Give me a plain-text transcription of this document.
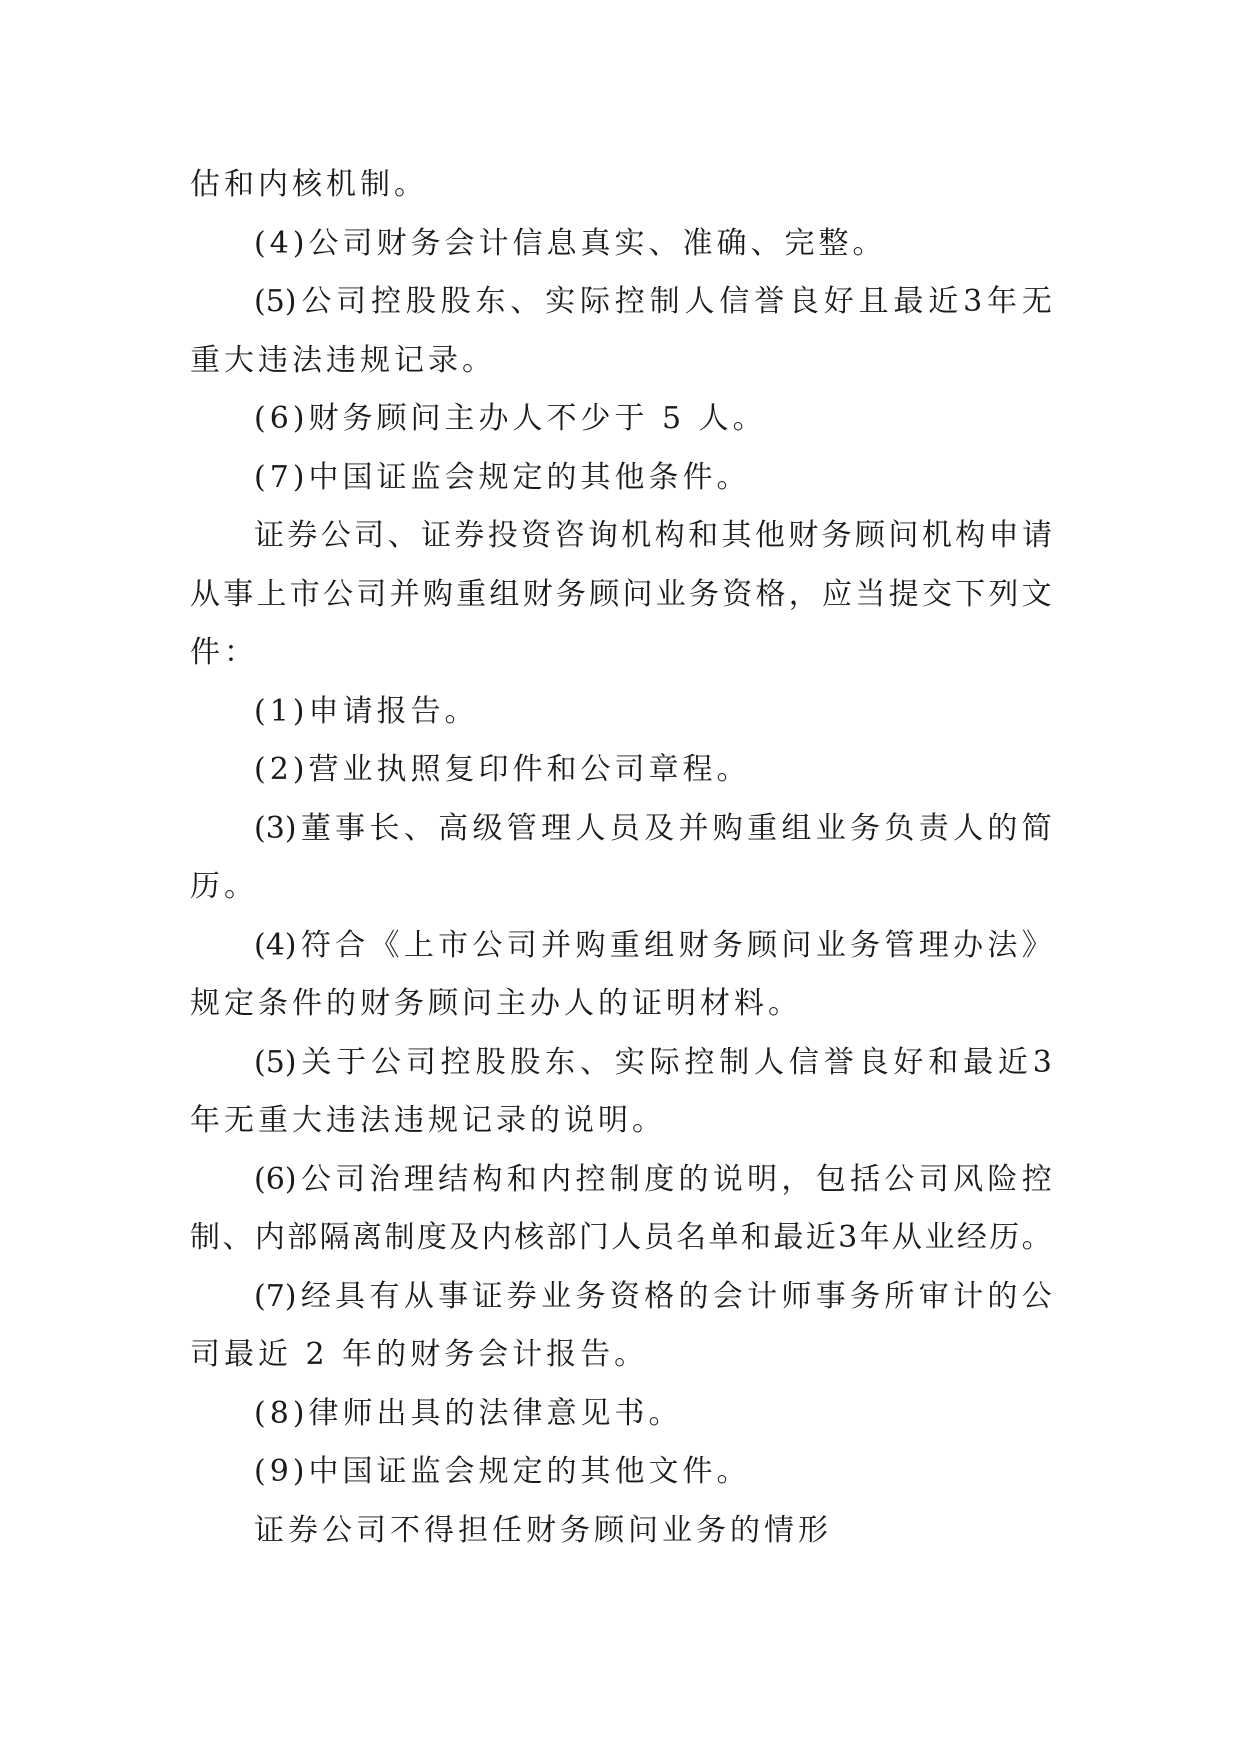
估和内核机制。
(4)公司财务会计信息真实、准确、完整。
(5) 公 司 控 股 股 东 、 实 际 控 制 人 信 誉 良 好 且 最 近 3 年 无
重大违法违规记录。
(6)财务顾问主办人不少于 5 人。
(7)中国证监会规定的其他条件。
证 券 公 司 、 证 券 投 资 咨 询 机 构 和 其 他 财 务 顾 问 机 构 申 请
从 事 上 市 公 司 并 购 重 组 财 务 顾 问 业 务 资 格 ， 应 当 提 交 下 列 文
件：
(1)申请报告。
(2)营业执照复印件和公司章程。
(3) 董 事 长 、 高 级 管 理 人 员 及 并 购 重 组 业 务 负 责 人 的 简
历。
(4) 符 合 《 上 市 公 司 并 购 重 组 财 务 顾 问 业 务 管 理 办 法 》
规定条件的财务顾问主办人的证明材料。
(5) 关 于 公 司 控 股 股 东 、 实 际 控 制 人 信 誉 良 好 和 最 近 3
年无重大违法违规记录的说明。
(6) 公 司 治 理 结 构 和 内 控 制 度 的 说 明 ， 包 括 公 司 风 险 控
制 、 内 部 隔 离 制 度 及 内 核 部 门 人 员 名 单 和 最 近 3 年 从 业 经 历 。
(7) 经 具 有 从 事 证 券 业 务 资 格 的 会 计 师 事 务 所 审 计 的 公
司最近 2 年的财务会计报告。
(8)律师出具的法律意见书。
(9)中国证监会规定的其他文件。
证券公司不得担任财务顾问业务的情形
